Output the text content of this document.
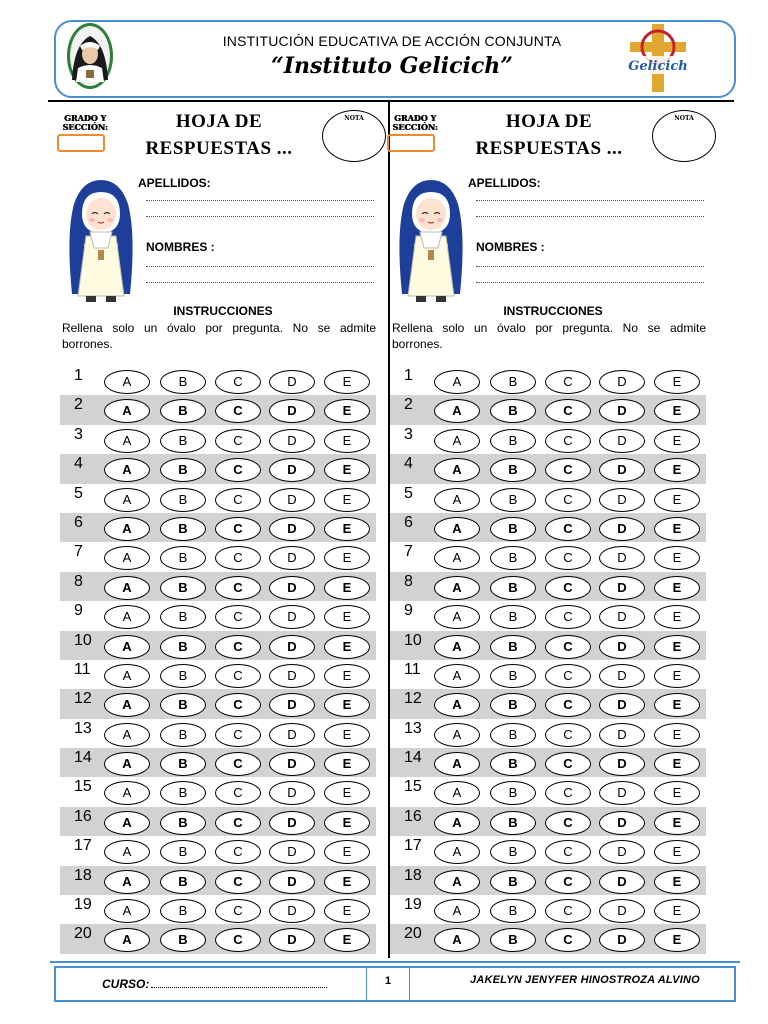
Gelicich
INSTITUCIÓN EDUCATIVA DE ACCIÓN CONJUNTA
“Instituto Gelicich”
GRADO Y
SECCIÓN:	HOJA DE
RESPUESTAS ...
NOTA
APELLIDOS:
NOMBRES :
INSTRUCCIONES
Rellena solo un óvalo por pregunta. No se admite borrones.
1	A	B	C	D	E
2	A	B	C	D	E
3	A	B	C	D	E
4	A	B	C	D	E
5	A	B	C	D	E
6	A	B	C	D	E
7	A	B	C	D	E
8	A	B	C	D	E
9	A	B	C	D	E
10	A	B	C	D	E
11	A	B	C	D	E
12	A	B	C	D	E
13	A	B	C	D	E
14	A	B	C	D	E
15	A	B	C	D	E
16	A	B	C	D	E
17	A	B	C	D	E
18	A	B	C	D	E
19	A	B	C	D	E
20	A	B	C	D	E
GRADO Y
SECCIÓN:	HOJA DE
RESPUESTAS ...
NOTA
APELLIDOS:
NOMBRES :
INSTRUCCIONES
Rellena solo un óvalo por pregunta. No se admite borrones.
1	A	B	C	D	E
2	A	B	C	D	E
3	A	B	C	D	E
4	A	B	C	D	E
5	A	B	C	D	E
6	A	B	C	D	E
7	A	B	C	D	E
8	A	B	C	D	E
9	A	B	C	D	E
10	A	B	C	D	E
11	A	B	C	D	E
12	A	B	C	D	E
13	A	B	C	D	E
14	A	B	C	D	E
15	A	B	C	D	E
16	A	B	C	D	E
17	A	B	C	D	E
18	A	B	C	D	E
19	A	B	C	D	E
20	A	B	C	D	E
CURSO:	1	JAKELYN JENYFER HINOSTROZA ALVINO
